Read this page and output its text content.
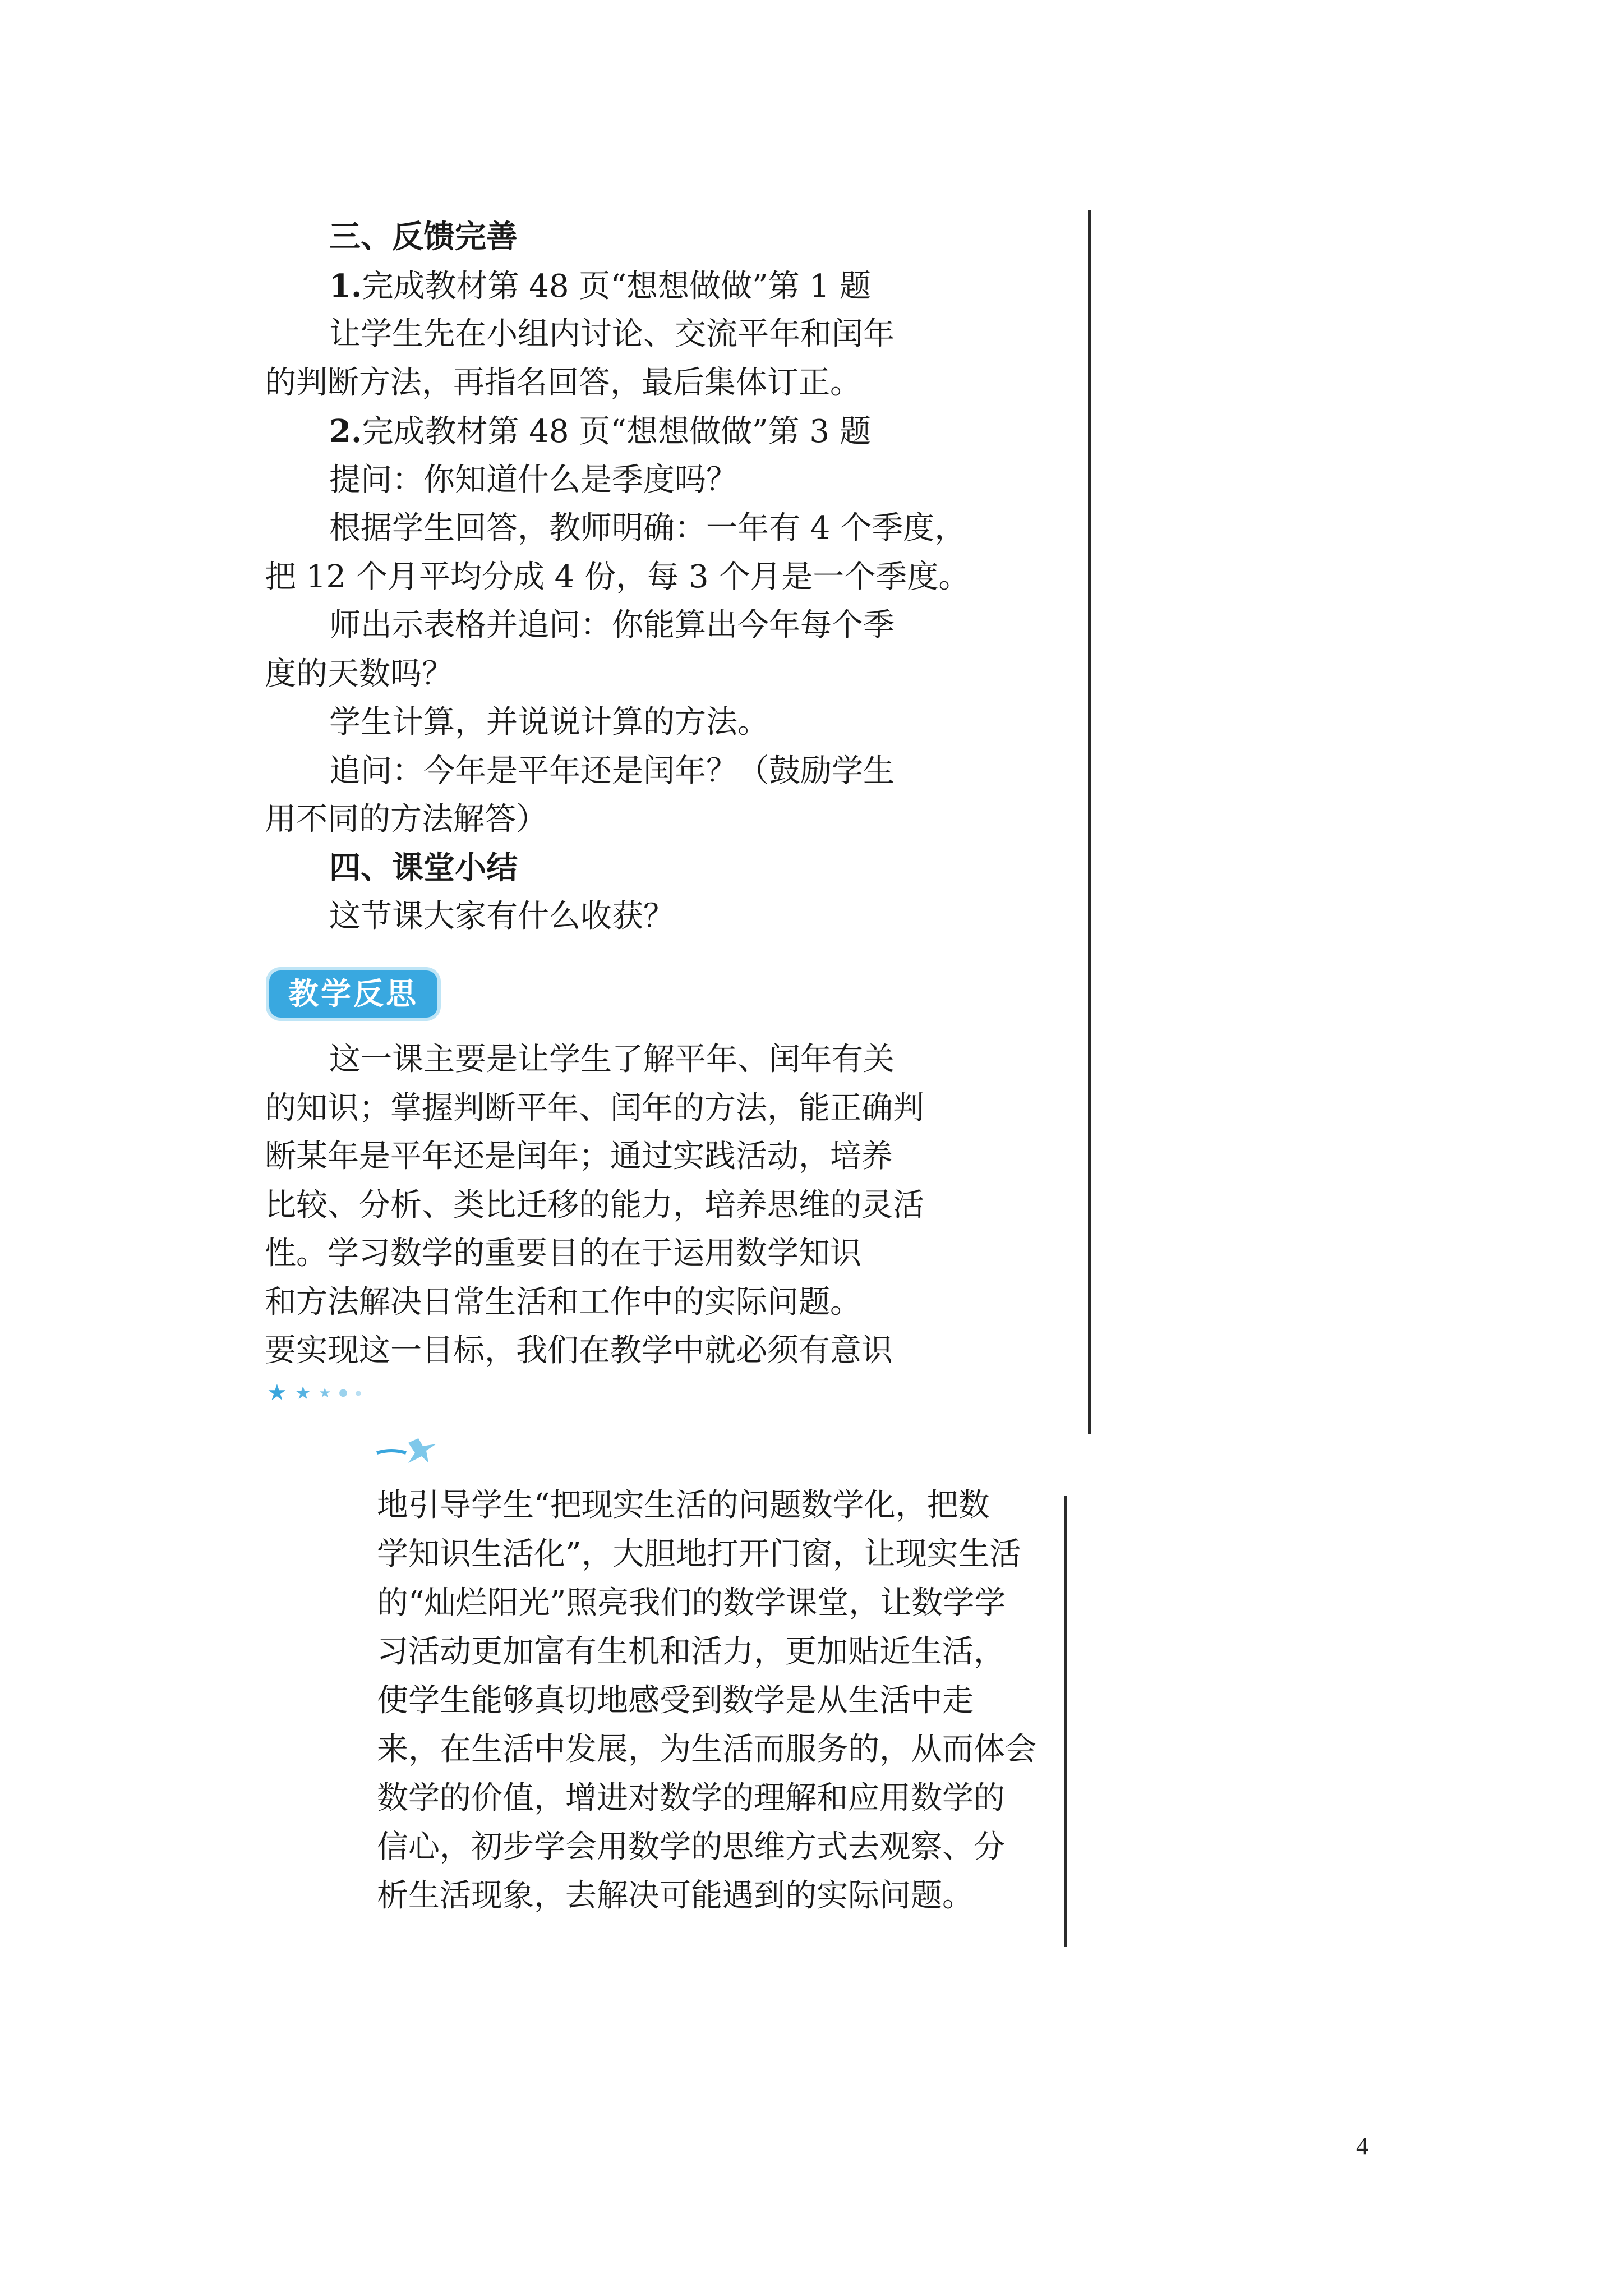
三、反馈完善
1.完成教材第 48 页“想想做做”第 1 题
让学生先在小组内讨论、交流平年和闰年
的判断方法，再指名回答，最后集体订正。
2.完成教材第 48 页“想想做做”第 3 题
提问：你知道什么是季度吗？
根据学生回答，教师明确：一年有 4 个季度，
把 12 个月平均分成 4 份，每 3 个月是一个季度。
师出示表格并追问：你能算出今年每个季
度的天数吗？
学生计算，并说说计算的方法。
追问：今年是平年还是闰年？（鼓励学生
用不同的方法解答）
四、课堂小结
这节课大家有什么收获？
教学反思
这一课主要是让学生了解平年、闰年有关
的知识；掌握判断平年、闰年的方法，能正确判
断某年是平年还是闰年；通过实践活动，培养
比较、分析、类比迁移的能力，培养思维的灵活
性。学习数学的重要目的在于运用数学知识
和方法解决日常生活和工作中的实际问题。
要实现这一目标，我们在教学中就必须有意识
★ ★ ★ ● ●
地引导学生“把现实生活的问题数学化，把数
学知识生活化”，大胆地打开门窗，让现实生活
的“灿烂阳光”照亮我们的数学课堂，让数学学
习活动更加富有生机和活力，更加贴近生活，
使学生能够真切地感受到数学是从生活中走
来，在生活中发展，为生活而服务的，从而体会
数学的价值，增进对数学的理解和应用数学的
信心，初步学会用数学的思维方式去观察、分
析生活现象，去解决可能遇到的实际问题。
4
